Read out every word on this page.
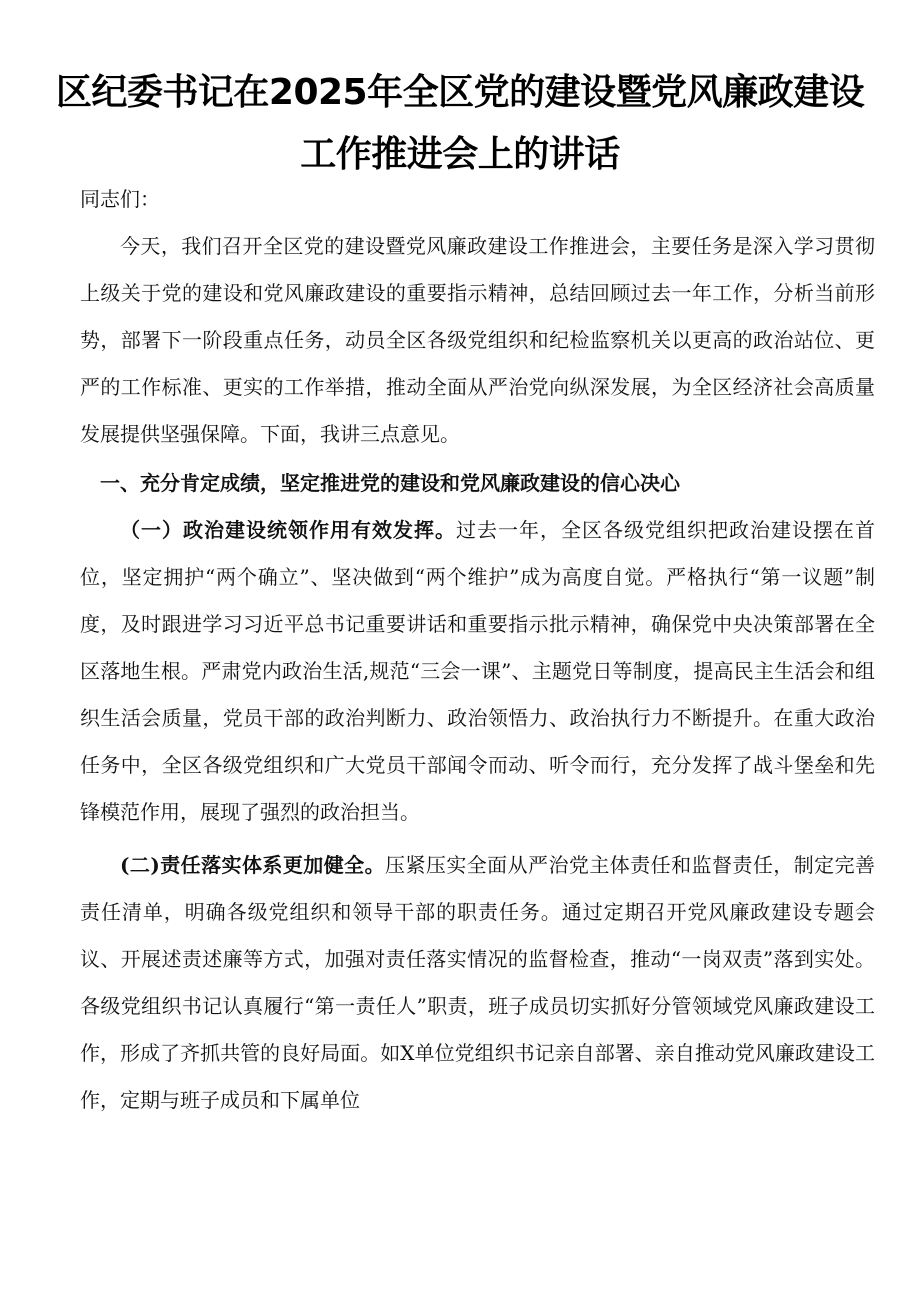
区纪委书记在2025年全区党的建设暨党风廉政建设工作推进会上的讲话

同志们：

今天，我们召开全区党的建设暨党风廉政建设工作推进会，主要任务是深入学习贯彻上级关于党的建设和党风廉政建设的重要指示精神，总结回顾过去一年工作，分析当前形势，部署下一阶段重点任务，动员全区各级党组织和纪检监察机关以更高的政治站位、更严的工作标准、更实的工作举措，推动全面从严治党向纵深发展，为全区经济社会高质量发展提供坚强保障。下面，我讲三点意见。

一、充分肯定成绩，坚定推进党的建设和党风廉政建设的信心决心

（一）政治建设统领作用有效发挥。过去一年，全区各级党组织把政治建设摆在首位，坚定拥护“两个确立”、坚决做到“两个维护”成为高度自觉。严格执行“第一议题”制度，及时跟进学习习近平总书记重要讲话和重要指示批示精神，确保党中央决策部署在全区落地生根。严肃党内政治生活,规范“三会一课”、主题党日等制度，提高民主生活会和组织生活会质量，党员干部的政治判断力、政治领悟力、政治执行力不断提升。在重大政治任务中，全区各级党组织和广大党员干部闻令而动、听令而行，充分发挥了战斗堡垒和先锋模范作用，展现了强烈的政治担当。

(二)责任落实体系更加健全。压紧压实全面从严治党主体责任和监督责任，制定完善责任清单，明确各级党组织和领导干部的职责任务。通过定期召开党风廉政建设专题会议、开展述责述廉等方式，加强对责任落实情况的监督检查，推动“一岗双责”落到实处。各级党组织书记认真履行“第一责任人”职责，班子成员切实抓好分管领域党风廉政建设工作，形成了齐抓共管的良好局面。如X单位党组织书记亲自部署、亲自推动党风廉政建设工作，定期与班子成员和下属单位
